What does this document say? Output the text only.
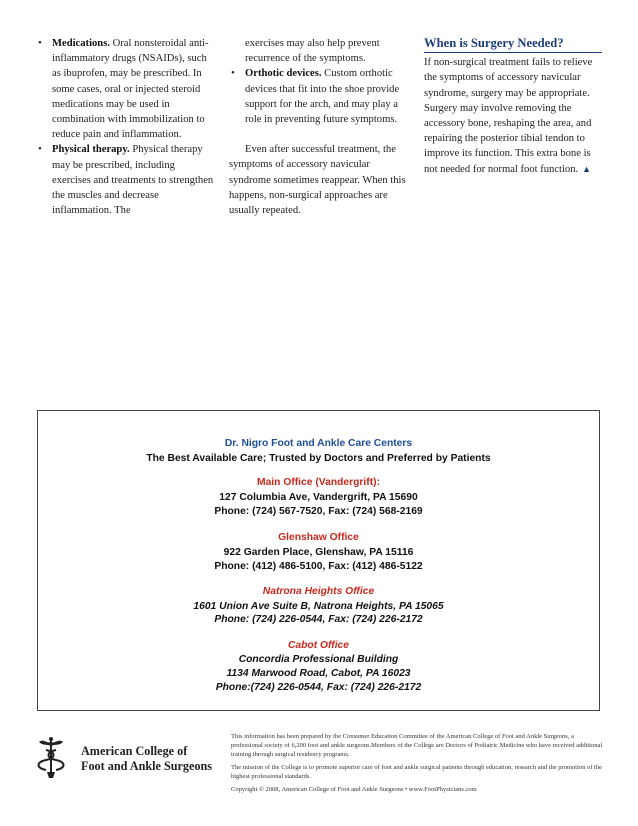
• Medications. Oral nonsteroidal anti-inflammatory drugs (NSAIDs), such as ibuprofen, may be prescribed. In some cases, oral or injected steroid medications may be used in combination with immobilization to reduce pain and inflammation.
• Physical therapy. Physical therapy may be prescribed, including exercises and treatments to strengthen the muscles and decrease inflammation. The

exercises may also help prevent recurrence of the symptoms.

• Orthotic devices. Custom orthotic devices that fit into the shoe provide support for the arch, and may play a role in preventing future symptoms.

Even after successful treatment, the symptoms of accessory navicular syndrome sometimes reappear. When this happens, non-surgical approaches are usually repeated.

When is Surgery Needed?

If non-surgical treatment fails to relieve the symptoms of accessory navicular syndrome, surgery may be appropriate. Surgery may involve removing the accessory bone, reshaping the area, and repairing the posterior tibial tendon to improve its function. This extra bone is not needed for normal foot function. ▲

Dr. Nigro Foot and Ankle Care Centers
The Best Available Care; Trusted by Doctors and Preferred by Patients
Main Office (Vandergrift):
127 Columbia Ave, Vandergrift, PA 15690
Phone: (724) 567-7520, Fax: (724) 568-2169
Glenshaw Office
922 Garden Place, Glenshaw, PA 15116
Phone: (412) 486-5100, Fax: (412) 486-5122
Natrona Heights Office
1601 Union Ave Suite B, Natrona Heights, PA 15065
Phone: (724) 226-0544, Fax: (724) 226-2172
Cabot Office
Concordia Professional Building
1134 Marwood Road, Cabot, PA 16023
Phone:(724) 226-0544, Fax: (724) 226-2172
American College of
Foot and Ankle Surgeons

This information has been prepared by the Consumer Education Committee of the American College of Foot and Ankle Surgeons, a professional society of 6,200 foot and ankle surgeons.Members of the College are Doctors of Podiatric Medicine who have received additional training through surgical residency programs.

The mission of the College is to promote superior care of foot and ankle surgical patients through education, research and the promotion of the highest professional standards.

Copyright © 2008, American College of Foot and Ankle Surgeons • www.FootPhysicians.com
